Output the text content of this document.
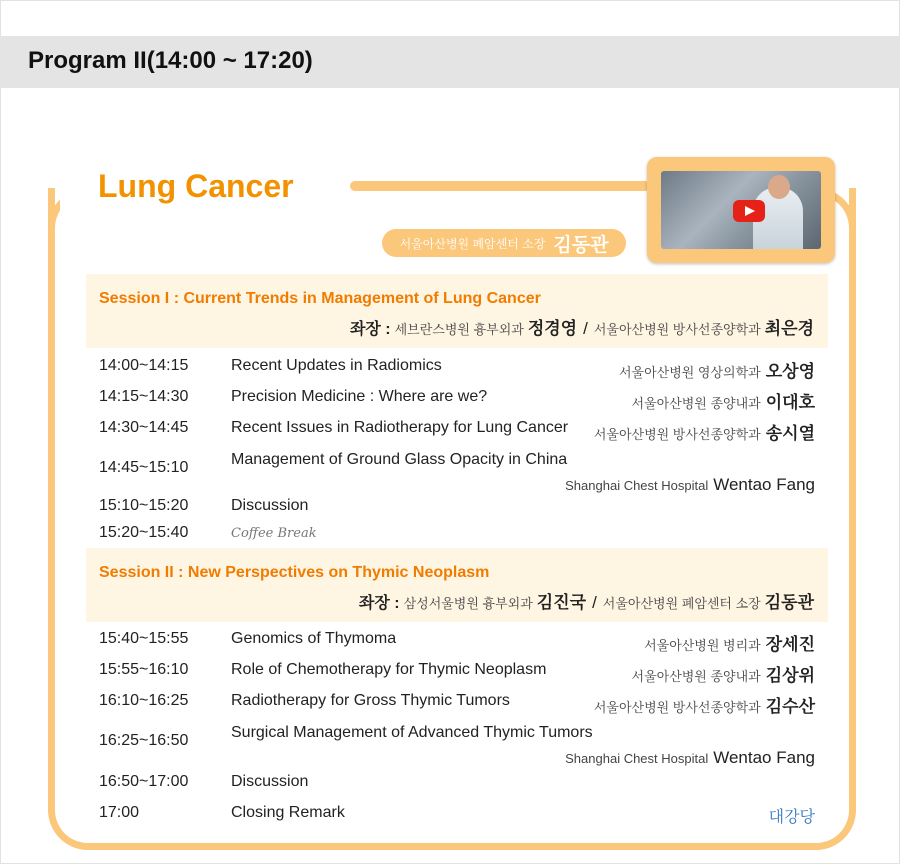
Program II(14:00 ~ 17:20)
Lung Cancer
서울아산병원 폐암센터 소장 김동관
Session I : Current Trends in Management of Lung Cancer
좌장 : 세브란스병원 흉부외과 정경영 / 서울아산병원 방사선종양학과 최은경
14:00~14:15	Recent Updates in Radiomics	서울아산병원 영상의학과 오상영
14:15~14:30	Precision Medicine : Where are we?	서울아산병원 종양내과 이대호
14:30~14:45	Recent Issues in Radiotherapy for Lung Cancer 서울아산병원 방사선종양학과 송시열
14:45~15:10	Management of Ground Glass Opacity in China
Shanghai Chest Hospital Wentao Fang
15:10~15:20	Discussion
15:20~15:40	Coffee Break
Session II : New Perspectives on Thymic Neoplasm
좌장 : 삼성서울병원 흉부외과 김진국 / 서울아산병원 폐암센터 소장 김동관
15:40~15:55	Genomics of Thymoma	서울아산병원 병리과 장세진
15:55~16:10	Role of Chemotherapy for Thymic Neoplasm	서울아산병원 종양내과 김상위
16:10~16:25	Radiotherapy for Gross Thymic Tumors	서울아산병원 방사선종양학과 김수산
16:25~16:50	Surgical Management of Advanced Thymic Tumors
Shanghai Chest Hospital Wentao Fang
16:50~17:00	Discussion
17:00	Closing Remark	대강당
